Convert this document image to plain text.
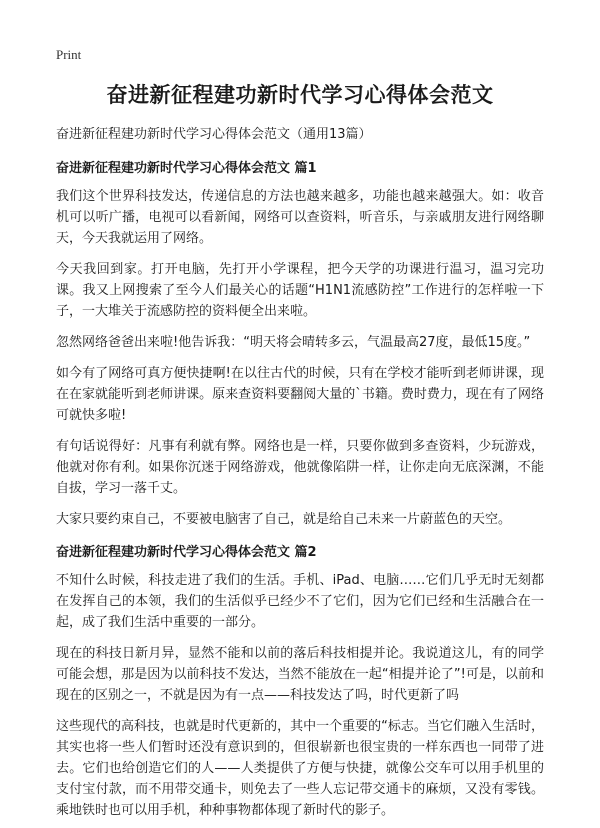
Print
奋进新征程建功新时代学习心得体会范文
奋进新征程建功新时代学习心得体会范文（通用13篇）
奋进新征程建功新时代学习心得体会范文 篇1

我们这个世界科技发达，传递信息的方法也越来越多，功能也越来越强大。如：收音机可以听广播，电视可以看新闻，网络可以查资料，听音乐，与亲戚朋友进行网络聊天，今天我就运用了网络。

今天我回到家。打开电脑，先打开小学课程，把今天学的功课进行温习，温习完功课。我又上网搜索了至今人们最关心的话题“H1N1流感防控”工作进行的怎样啦一下子，一大堆关于流感防控的资料便全出来啦。

忽然网络爸爸出来啦!他告诉我：“明天将会晴转多云，气温最高27度，最低15度。”

如今有了网络可真方便快捷啊!在以往古代的时候，只有在学校才能听到老师讲课，现在在家就能听到老师讲课。原来查资料要翻阅大量的`书籍。费时费力，现在有了网络可就快多啦!

有句话说得好：凡事有利就有弊。网络也是一样，只要你做到多查资料，少玩游戏，他就对你有利。如果你沉迷于网络游戏，他就像陷阱一样，让你走向无底深渊，不能自拔，学习一落千丈。

大家只要约束自己，不要被电脑害了自己，就是给自己未来一片蔚蓝色的天空。

奋进新征程建功新时代学习心得体会范文 篇2

不知什么时候，科技走进了我们的生活。手机、iPad、电脑……它们几乎无时无刻都在发挥自己的本领，我们的生活似乎已经少不了它们，因为它们已经和生活融合在一起，成了我们生活中重要的一部分。

现在的科技日新月异，显然不能和以前的落后科技相提并论。我说道这儿，有的同学可能会想，那是因为以前科技不发达，当然不能放在一起“相提并论了”!可是，以前和现在的区别之一，不就是因为有一点——科技发达了吗，时代更新了吗

这些现代的高科技，也就是时代更新的，其中一个重要的“标志。当它们融入生活时，其实也将一些人们暂时还没有意识到的，但很崭新也很宝贵的一样东西也一同带了进去。它们也给创造它们的人——人类提供了方便与快捷，就像公交车可以用手机里的支付宝付款，而不用带交通卡，则免去了一些人忘记带交通卡的麻烦，又没有零钱。乘地铁时也可以用手机，种种事物都体现了新时代的影子。
